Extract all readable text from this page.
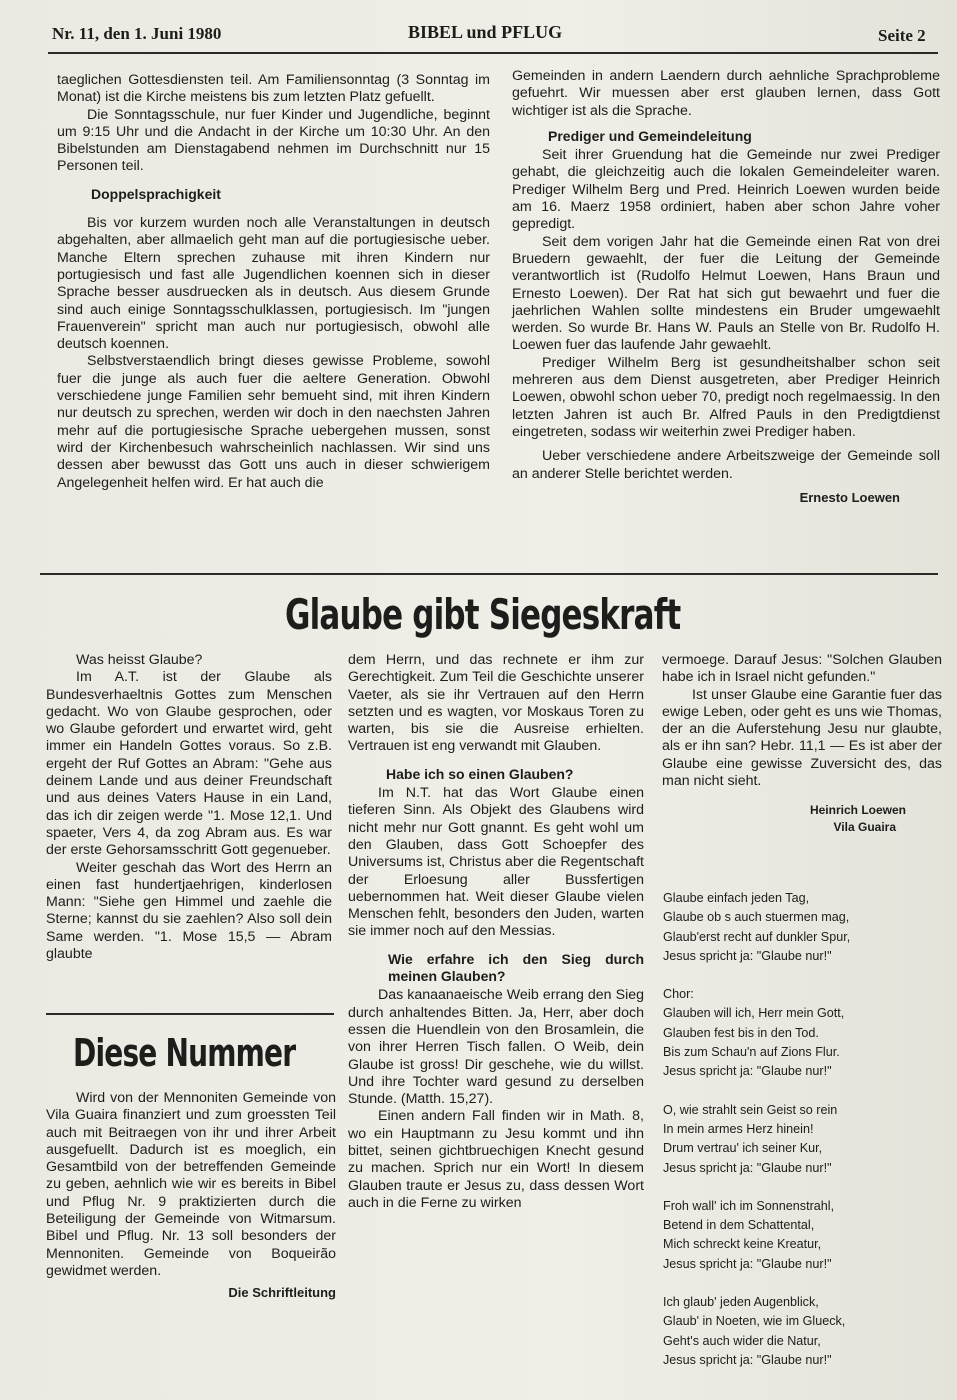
Nr. 11, den 1. Juni 1980	BIBEL und PFLUG	Seite 2

taeglichen Gottesdiensten teil. Am Familiensonntag (3 Sonntag im Monat) ist die Kirche meistens bis zum letzten Platz gefuellt.

Die Sonntagsschule, nur fuer Kinder und Jugendliche, beginnt um 9:15 Uhr und die Andacht in der Kirche um 10:30 Uhr. An den Bibelstunden am Dienstagabend nehmen im Durchschnitt nur 15 Personen teil.

Doppelsprachigkeit

Bis vor kurzem wurden noch alle Veranstaltungen in deutsch abgehalten, aber allmaelich geht man auf die portugiesische ueber. Manche Eltern sprechen zuhause mit ihren Kindern nur portugiesisch und fast alle Jugendlichen koennen sich in dieser Sprache besser ausdruecken als in deutsch. Aus diesem Grunde sind auch einige Sonntagsschulklassen, portugiesisch. Im "jungen Frauenverein" spricht man auch nur portugiesisch, obwohl alle deutsch koennen.

Selbstverstaendlich bringt dieses gewisse Probleme, sowohl fuer die junge als auch fuer die aeltere Generation. Obwohl verschiedene junge Familien sehr bemueht sind, mit ihren Kindern nur deutsch zu sprechen, werden wir doch in den naechsten Jahren mehr auf die portugiesische Sprache uebergehen mussen, sonst wird der Kirchenbesuch wahrscheinlich nachlassen. Wir sind uns dessen aber bewusst das Gott uns auch in dieser schwierigem Angelegenheit helfen wird. Er hat auch die

Gemeinden in andern Laendern durch aehnliche Sprachprobleme gefuehrt. Wir muessen aber erst glauben lernen, dass Gott wichtiger ist als die Sprache.

Prediger und Gemeindeleitung

Seit ihrer Gruendung hat die Gemeinde nur zwei Prediger gehabt, die gleichzeitig auch die lokalen Gemeindeleiter waren. Prediger Wilhelm Berg und Pred. Heinrich Loewen wurden beide am 16. Maerz 1958 ordiniert, haben aber schon Jahre voher gepredigt.

Seit dem vorigen Jahr hat die Gemeinde einen Rat von drei Bruedern gewaehlt, der fuer die Leitung der Gemeinde verantwortlich ist (Rudolfo Helmut Loewen, Hans Braun und Ernesto Loewen). Der Rat hat sich gut bewaehrt und fuer die jaehrlichen Wahlen sollte mindestens ein Bruder umgewaehlt werden. So wurde Br. Hans W. Pauls an Stelle von Br. Rudolfo H. Loewen fuer das laufende Jahr gewaehlt.

Prediger Wilhelm Berg ist gesundheitshalber schon seit mehreren aus dem Dienst ausgetreten, aber Prediger Heinrich Loewen, obwohl schon ueber 70, predigt noch regelmaessig. In den letzten Jahren ist auch Br. Alfred Pauls in den Predigtdienst eingetreten, sodass wir weiterhin zwei Prediger haben.

Ueber verschiedene andere Arbeitszweige der Gemeinde soll an anderer Stelle berichtet werden.

Ernesto Loewen
Glaube gibt Siegeskraft

Was heisst Glaube?

Im A.T. ist der Glaube als Bundesverhaeltnis Gottes zum Menschen gedacht. Wo von Glaube gesprochen, oder wo Glaube gefordert und erwartet wird, geht immer ein Handeln Gottes voraus. So z.B. ergeht der Ruf Gottes an Abram: "Gehe aus deinem Lande und aus deiner Freundschaft und aus deines Vaters Hause in ein Land, das ich dir zeigen werde "1. Mose 12,1. Und spaeter, Vers 4, da zog Abram aus. Es war der erste Gehorsamsschritt Gott gegenueber.

Weiter geschah das Wort des Herrn an einen fast hundertjaehrigen, kinderlosen Mann: "Siehe gen Himmel und zaehle die Sterne; kannst du sie zaehlen? Also soll dein Same werden. "1. Mose 15,5 — Abram glaubte

Diese Nummer

Wird von der Mennoniten Gemeinde von Vila Guaira finanziert und zum groessten Teil auch mit Beitraegen von ihr und ihrer Arbeit ausgefuellt. Dadurch ist es moeglich, ein Gesamtbild von der betreffenden Gemeinde zu geben, aehnlich wie wir es bereits in Bibel und Pflug Nr. 9 praktizierten durch die Beteiligung der Gemeinde von Witmarsum. Bibel und Pflug. Nr. 13 soll besonders der Mennoniten. Gemeinde von Boqueirão gewidmet werden.

Die Schriftleitung

dem Herrn, und das rechnete er ihm zur Gerechtigkeit. Zum Teil die Geschichte unserer Vaeter, als sie ihr Vertrauen auf den Herrn setzten und es wagten, vor Moskaus Toren zu warten, bis sie die Ausreise erhielten. Vertrauen ist eng verwandt mit Glauben.

Habe ich so einen Glauben?

Im N.T. hat das Wort Glaube einen tieferen Sinn. Als Objekt des Glaubens wird nicht mehr nur Gott gnannt. Es geht wohl um den Glauben, dass Gott Schoepfer des Universums ist, Christus aber die Regentschaft der Erloesung aller Bussfertigen uebernommen hat. Weit dieser Glaube vielen Menschen fehlt, besonders den Juden, warten sie immer noch auf den Messias.

Wie erfahre ich den Sieg durch meinen Glauben?

Das kanaanaeische Weib errang den Sieg durch anhaltendes Bitten. Ja, Herr, aber doch essen die Huendlein von den Brosamlein, die von ihrer Herren Tisch fallen. O Weib, dein Glaube ist gross! Dir geschehe, wie du willst. Und ihre Tochter ward gesund zu derselben Stunde. (Matth. 15,27).

Einen andern Fall finden wir in Math. 8, wo ein Hauptmann zu Jesu kommt und ihn bittet, seinen gichtbruechigen Knecht gesund zu machen. Sprich nur ein Wort! In diesem Glauben traute er Jesus zu, dass dessen Wort auch in die Ferne zu wirken

vermoege. Darauf Jesus: "Solchen Glauben habe ich in Israel nicht gefunden."

Ist unser Glaube eine Garantie fuer das ewige Leben, oder geht es uns wie Thomas, der an die Auferstehung Jesu nur glaubte, als er ihn san? Hebr. 11,1 — Es ist aber der Glaube eine gewisse Zuversicht des, das man nicht sieht.

Heinrich Loewen
Vila Guaira
Glaube einfach jeden Tag,
Glaube ob s auch stuermen mag,
Glaub'erst recht auf dunkler Spur,
Jesus spricht ja: "Glaube nur!"
Chor:
Glauben will ich, Herr mein Gott,
Glauben fest bis in den Tod.
Bis zum Schau'n auf Zions Flur.
Jesus spricht ja: "Glaube nur!"
O, wie strahlt sein Geist so rein
In mein armes Herz hinein!
Drum vertrau' ich seiner Kur,
Jesus spricht ja: "Glaube nur!"
Froh wall' ich im Sonnenstrahl,
Betend in dem Schattental,
Mich schreckt keine Kreatur,
Jesus spricht ja: "Glaube nur!"
Ich glaub' jeden Augenblick,
Glaub' in Noeten, wie im Glueck,
Geht's auch wider die Natur,
Jesus spricht ja: "Glaube nur!"
